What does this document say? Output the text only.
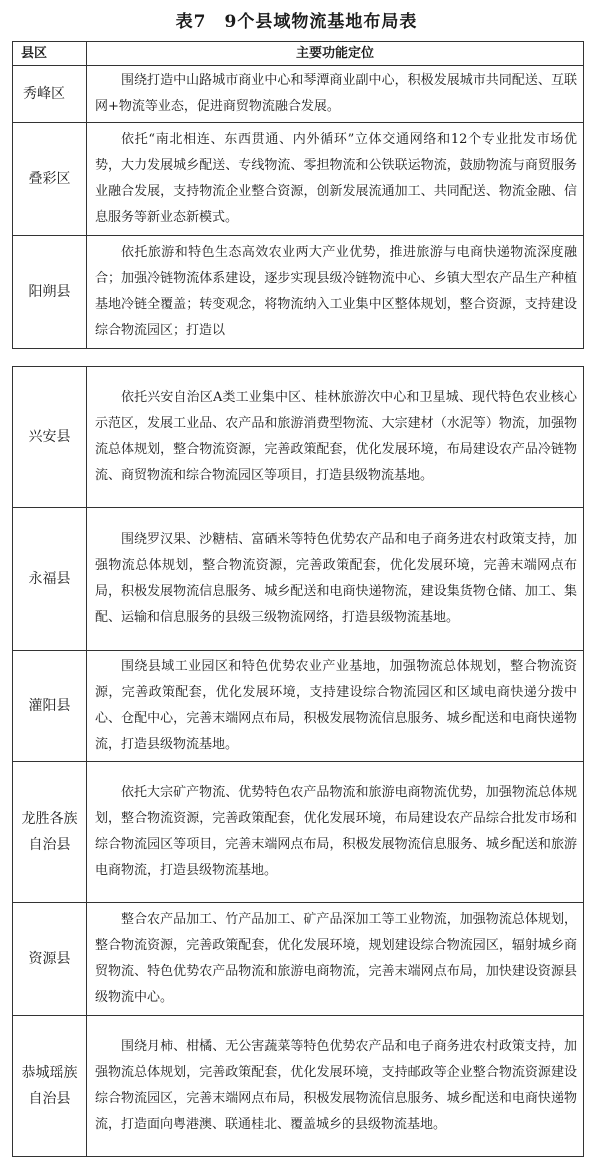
表7　9个县域物流基地布局表
县区	主要功能定位
秀峰区	围绕打造中山路城市商业中心和琴潭商业副中心，积极发展城市共同配送、互联网+物流等业态，促进商贸物流融合发展。
叠彩区	依托“南北相连、东西贯通、内外循环”立体交通网络和12个专业批发市场优势，大力发展城乡配送、专线物流、零担物流和公铁联运物流，鼓励物流与商贸服务业融合发展，支持物流企业整合资源，创新发展流通加工、共同配送、物流金融、信息服务等新业态新模式。
阳朔县	依托旅游和特色生态高效农业两大产业优势，推进旅游与电商快递物流深度融合；加强冷链物流体系建设，逐步实现县级冷链物流中心、乡镇大型农产品生产种植基地冷链全覆盖；转变观念，将物流纳入工业集中区整体规划，整合资源，支持建设综合物流园区；打造以
兴安县	依托兴安自治区A类工业集中区、桂林旅游次中心和卫星城、现代特色农业核心示范区，发展工业品、农产品和旅游消费型物流、大宗建材（水泥等）物流，加强物流总体规划，整合物流资源，完善政策配套，优化发展环境，布局建设农产品冷链物流、商贸物流和综合物流园区等项目，打造县级物流基地。
永福县	围绕罗汉果、沙糖桔、富硒米等特色优势农产品和电子商务进农村政策支持，加强物流总体规划，整合物流资源，完善政策配套，优化发展环境，完善末端网点布局，积极发展物流信息服务、城乡配送和电商快递物流，建设集货物仓储、加工、集配、运输和信息服务的县级三级物流网络，打造县级物流基地。
灌阳县	围绕县域工业园区和特色优势农业产业基地，加强物流总体规划，整合物流资源，完善政策配套，优化发展环境，支持建设综合物流园区和区域电商快递分拨中心、仓配中心，完善末端网点布局，积极发展物流信息服务、城乡配送和电商快递物流，打造县级物流基地。
龙胜各族自治县	依托大宗矿产物流、优势特色农产品物流和旅游电商物流优势，加强物流总体规划，整合物流资源，完善政策配套，优化发展环境，布局建设农产品综合批发市场和综合物流园区等项目，完善末端网点布局，积极发展物流信息服务、城乡配送和旅游电商物流，打造县级物流基地。
资源县	整合农产品加工、竹产品加工、矿产品深加工等工业物流，加强物流总体规划，整合物流资源，完善政策配套，优化发展环境，规划建设综合物流园区，辐射城乡商贸物流、特色优势农产品物流和旅游电商物流，完善末端网点布局，加快建设资源县级物流中心。
恭城瑶族自治县	围绕月柿、柑橘、无公害蔬菜等特色优势农产品和电子商务进农村政策支持，加强物流总体规划，完善政策配套，优化发展环境，支持邮政等企业整合物流资源建设综合物流园区，完善末端网点布局，积极发展物流信息服务、城乡配送和电商快递物流，打造面向粤港澳、联通桂北、覆盖城乡的县级物流基地。
